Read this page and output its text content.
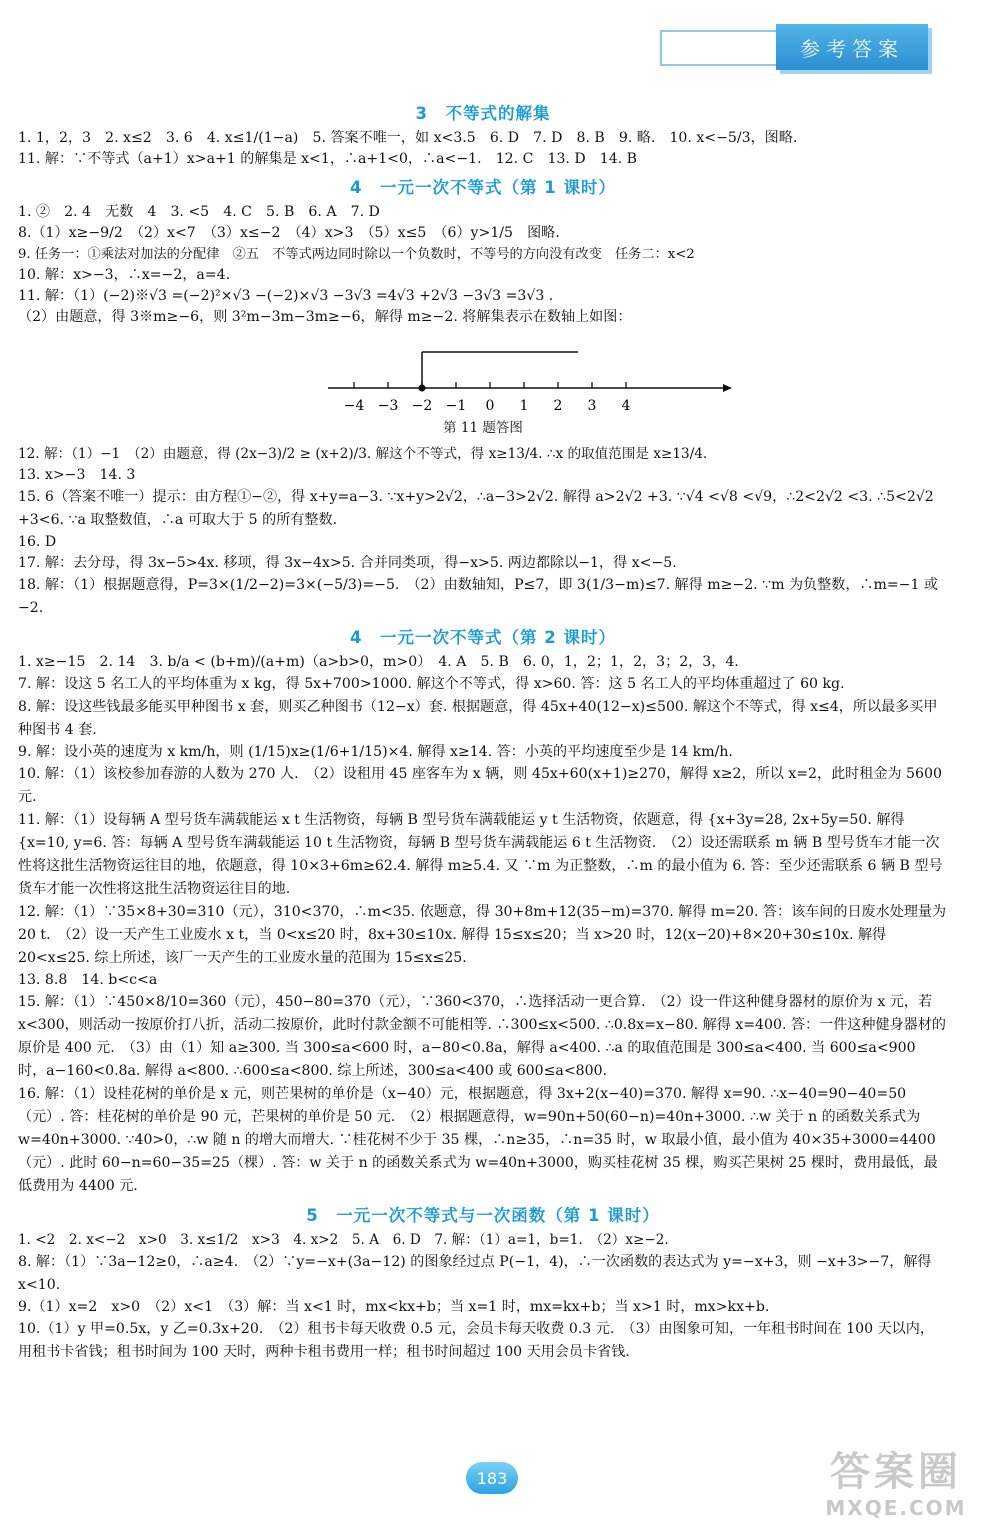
参考答案
3　不等式的解集

1. 1，2，3　2. x≤2　3. 6　4. x≤1/(1−a)　5. 答案不唯一，如 x<3.5　6. D　7. D　8. B　9. 略.　10. x<−5/3，图略.

11. 解：∵不等式（a+1）x>a+1 的解集是 x<1，∴a+1<0，∴a<−1.　12. C　13. D　14. B

4　一元一次不等式（第 1 课时）

1. ②　2. 4　无数　4　3. <5　4. C　5. B　6. A　7. D

8.（1）x≥−9/2　（2）x<7　（3）x≤−2　（4）x>3　（5）x≤5　（6）y>1/5　图略.

9. 任务一：①乘法对加法的分配律　②五　不等式两边同时除以一个负数时，不等号的方向没有改变　任务二：x<2

10. 解：x>−3，∴x=−2，a=4.

11. 解：（1）(−2)※√3 =(−2)²×√3 −(−2)×√3 −3√3 =4√3 +2√3 −3√3 =3√3 .

（2）由题意，得 3※m≥−6，则 3²m−3m−3m≥−6，解得 m≥−2. 将解集表示在数轴上如图：

−4 −3 −2 −1 0 1 2 3 4

第 11 题答图

12. 解：（1）−1　（2）由题意，得 (2x−3)/2 ≥ (x+2)/3. 解这个不等式，得 x≥13/4. ∴x 的取值范围是 x≥13/4.

13. x>−3　14. 3

15. 6（答案不唯一）提示：由方程①−②，得 x+y=a−3. ∵x+y>2√2，∴a−3>2√2. 解得 a>2√2 +3. ∵√4 <√8 <√9，∴2<2√2 <3. ∴5<2√2 +3<6. ∵a 取整数值，∴a 可取大于 5 的所有整数.

16. D

17. 解：去分母，得 3x−5>4x. 移项，得 3x−4x>5. 合并同类项，得−x>5. 两边都除以−1，得 x<−5.

18. 解：（1）根据题意得，P=3×(1/2−2)=3×(−5/3)=−5.　（2）由数轴知，P≤7，即 3(1/3−m)≤7. 解得 m≥−2. ∵m 为负整数，∴m=−1 或−2.

4　一元一次不等式（第 2 课时）

1. x≥−15　2. 14　3. b/a < (b+m)/(a+m)（a>b>0，m>0）　4. A　5. B　6. 0，1，2；1，2，3；2，3，4.

7. 解：设这 5 名工人的平均体重为 x kg，得 5x+700>1000. 解这个不等式，得 x>60. 答：这 5 名工人的平均体重超过了 60 kg.

8. 解：设这些钱最多能买甲种图书 x 套，则买乙种图书（12−x）套. 根据题意，得 45x+40(12−x)≤500. 解这个不等式，得 x≤4，所以最多买甲种图书 4 套.

9. 解：设小英的速度为 x km/h，则 (1/15)x≥(1/6+1/15)×4. 解得 x≥14. 答：小英的平均速度至少是 14 km/h.

10. 解：（1）该校参加春游的人数为 270 人.　（2）设租用 45 座客车为 x 辆，则 45x+60(x+1)≥270，解得 x≥2，所以 x=2，此时租金为 5600 元.

11. 解：（1）设每辆 A 型号货车满载能运 x t 生活物资，每辆 B 型号货车满载能运 y t 生活物资，依题意，得 {x+3y=28, 2x+5y=50. 解得 {x=10, y=6. 答：每辆 A 型号货车满载能运 10 t 生活物资，每辆 B 型号货车满载能运 6 t 生活物资.　（2）设还需联系 m 辆 B 型号货车才能一次性将这批生活物资运往目的地，依题意，得 10×3+6m≥62.4. 解得 m≥5.4. 又 ∵m 为正整数，∴m 的最小值为 6. 答：至少还需联系 6 辆 B 型号货车才能一次性将这批生活物资运往目的地.

12. 解：（1）∵35×8+30=310（元），310<370，∴m<35. 依题意，得 30+8m+12(35−m)=370. 解得 m=20. 答：该车间的日废水处理量为 20 t.　（2）设一天产生工业废水 x t，当 0<x≤20 时，8x+30≤10x. 解得 15≤x≤20；当 x>20 时，12(x−20)+8×20+30≤10x. 解得 20<x≤25. 综上所述，该厂一天产生的工业废水量的范围为 15≤x≤25.

13. 8.8　14. b<c<a

15. 解：（1）∵450×8/10=360（元），450−80=370（元），∵360<370，∴选择活动一更合算.　（2）设一件这种健身器材的原价为 x 元，若 x<300，则活动一按原价打八折，活动二按原价，此时付款金额不可能相等. ∴300≤x<500. ∴0.8x=x−80. 解得 x=400. 答：一件这种健身器材的原价是 400 元.　（3）由（1）知 a≥300. 当 300≤a<600 时，a−80<0.8a，解得 a<400. ∴a 的取值范围是 300≤a<400. 当 600≤a<900 时，a−160<0.8a. 解得 a<800. ∴600≤a<800. 综上所述，300≤a<400 或 600≤a<800.

16. 解：（1）设桂花树的单价是 x 元，则芒果树的单价是（x−40）元，根据题意，得 3x+2(x−40)=370. 解得 x=90. ∴x−40=90−40=50（元）. 答：桂花树的单价是 90 元，芒果树的单价是 50 元.　（2）根据题意得，w=90n+50(60−n)=40n+3000. ∴w 关于 n 的函数关系式为 w=40n+3000. ∵40>0，∴w 随 n 的增大而增大. ∵桂花树不少于 35 棵，∴n≥35，∴n=35 时，w 取最小值，最小值为 40×35+3000=4400（元）. 此时 60−n=60−35=25（棵）. 答：w 关于 n 的函数关系式为 w=40n+3000，购买桂花树 35 棵，购买芒果树 25 棵时，费用最低，最低费用为 4400 元.

5　一元一次不等式与一次函数（第 1 课时）

1. <2　2. x<−2　x>0　3. x≤1/2　x>3　4. x>2　5. A　6. D　7. 解：（1）a=1，b=1.　（2）x≥−2.

8. 解：（1）∵3a−12≥0，∴a≥4.　（2）∵y=−x+(3a−12) 的图象经过点 P(−1，4)，∴一次函数的表达式为 y=−x+3，则 −x+3>−7，解得 x<10.

9.（1）x=2　x>0　（2）x<1　（3）解：当 x<1 时，mx<kx+b；当 x=1 时，mx=kx+b；当 x>1 时，mx>kx+b.

10.（1）y 甲=0.5x，y 乙=0.3x+20.　（2）租书卡每天收费 0.5 元，会员卡每天收费 0.3 元.　（3）由图象可知，一年租书时间在 100 天以内，用租书卡省钱；租书时间为 100 天时，两种卡租书费用一样；租书时间超过 100 天用会员卡省钱.

183	答案圈
MXQE.COM
